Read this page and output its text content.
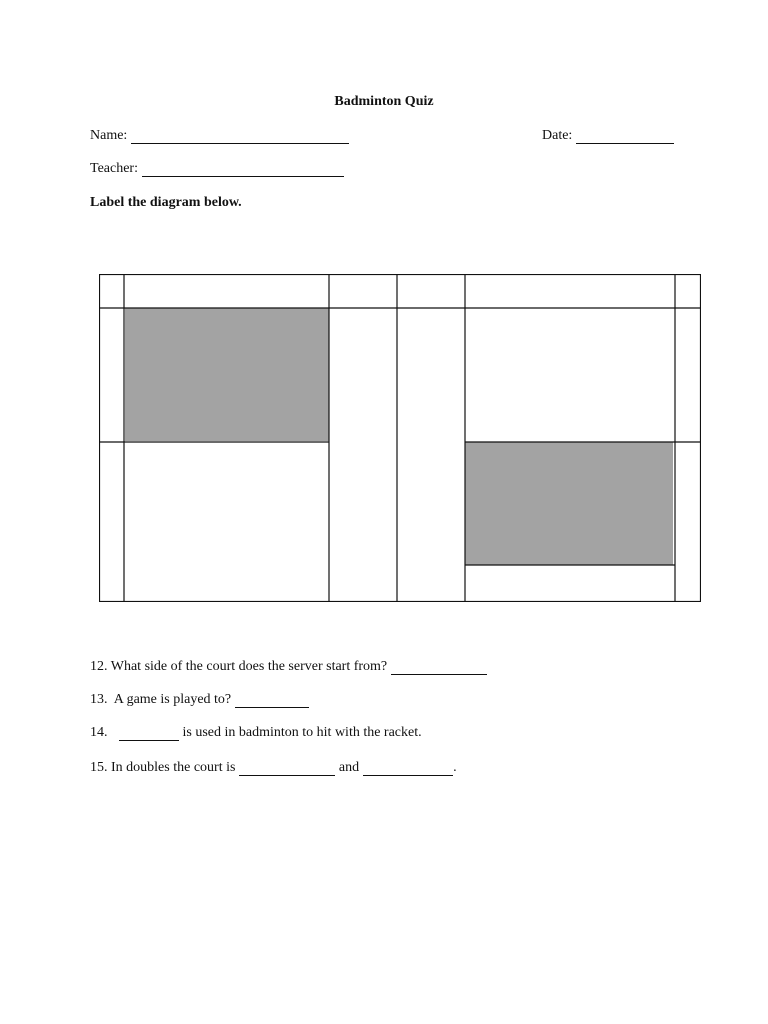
Badminton Quiz
Name:	Date:
Teacher:
Label the diagram below.
12. What side of the court does the server start from?
13.  A game is played to?
14.	is used in badminton to hit with the racket.
15. In doubles the court is	and	.
